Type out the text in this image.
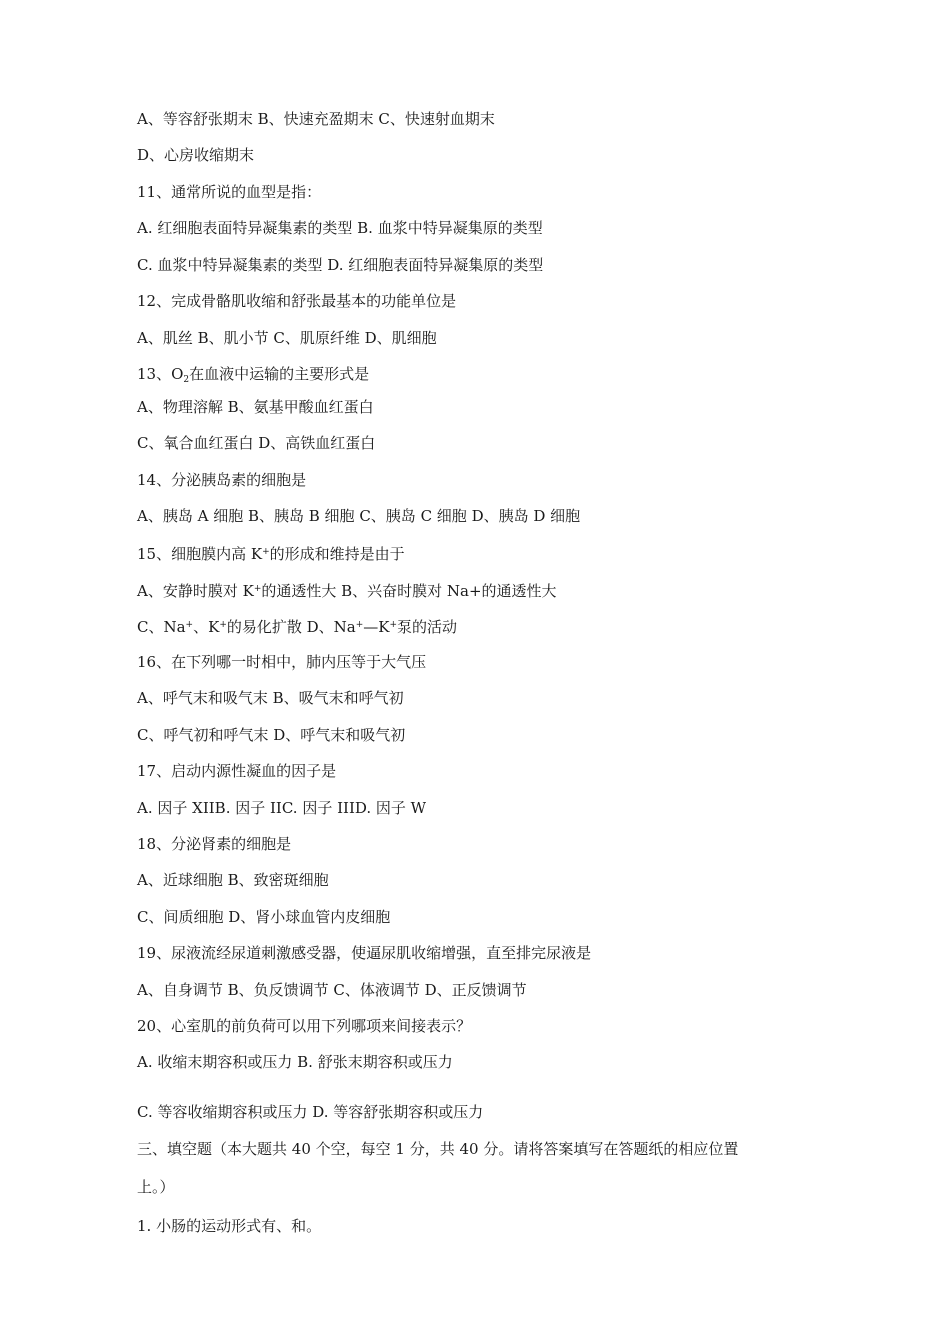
A、等容舒张期末 B、快速充盈期末 C、快速射血期末
D、心房收缩期末
11、通常所说的血型是指：
A. 红细胞表面特异凝集素的类型 B. 血浆中特异凝集原的类型
C. 血浆中特异凝集素的类型 D. 红细胞表面特异凝集原的类型
12、完成骨骼肌收缩和舒张最基本的功能单位是
A、肌丝 B、肌小节 C、肌原纤维 D、肌细胞
13、$O_2$在血液中运输的主要形式是
A、物理溶解 B、氨基甲酸血红蛋白
C、氧合血红蛋白 D、高铁血红蛋白
14、分泌胰岛素的细胞是
A、胰岛 A 细胞 B、胰岛 B 细胞 C、胰岛 C 细胞 D、胰岛 D 细胞
15、细胞膜内高 K+的形成和维持是由于
A、安静时膜对 K+的通透性大 B、兴奋时膜对 Na+的通透性大
C、Na+、K+的易化扩散 D、Na+—K+泵的活动
16、在下列哪一时相中，肺内压等于大气压
A、呼气末和吸气末 B、吸气末和呼气初
C、呼气初和呼气末 D、呼气末和吸气初
17、启动内源性凝血的因子是
A. 因子 XIIB. 因子 IIC. 因子 IIID. 因子 W
18、分泌肾素的细胞是
A、近球细胞 B、致密斑细胞
C、间质细胞 D、肾小球血管内皮细胞
19、尿液流经尿道刺激感受器，使逼尿肌收缩增强，直至排完尿液是
A、自身调节 B、负反馈调节 C、体液调节 D、正反馈调节
20、心室肌的前负荷可以用下列哪项来间接表示？
A. 收缩末期容积或压力 B. 舒张末期容积或压力
C. 等容收缩期容积或压力 D. 等容舒张期容积或压力
三、填空题（本大题共 40 个空，每空 1 分，共 40 分。请将答案填写在答题纸的相应位置
上。）
1. 小肠的运动形式有、和。
